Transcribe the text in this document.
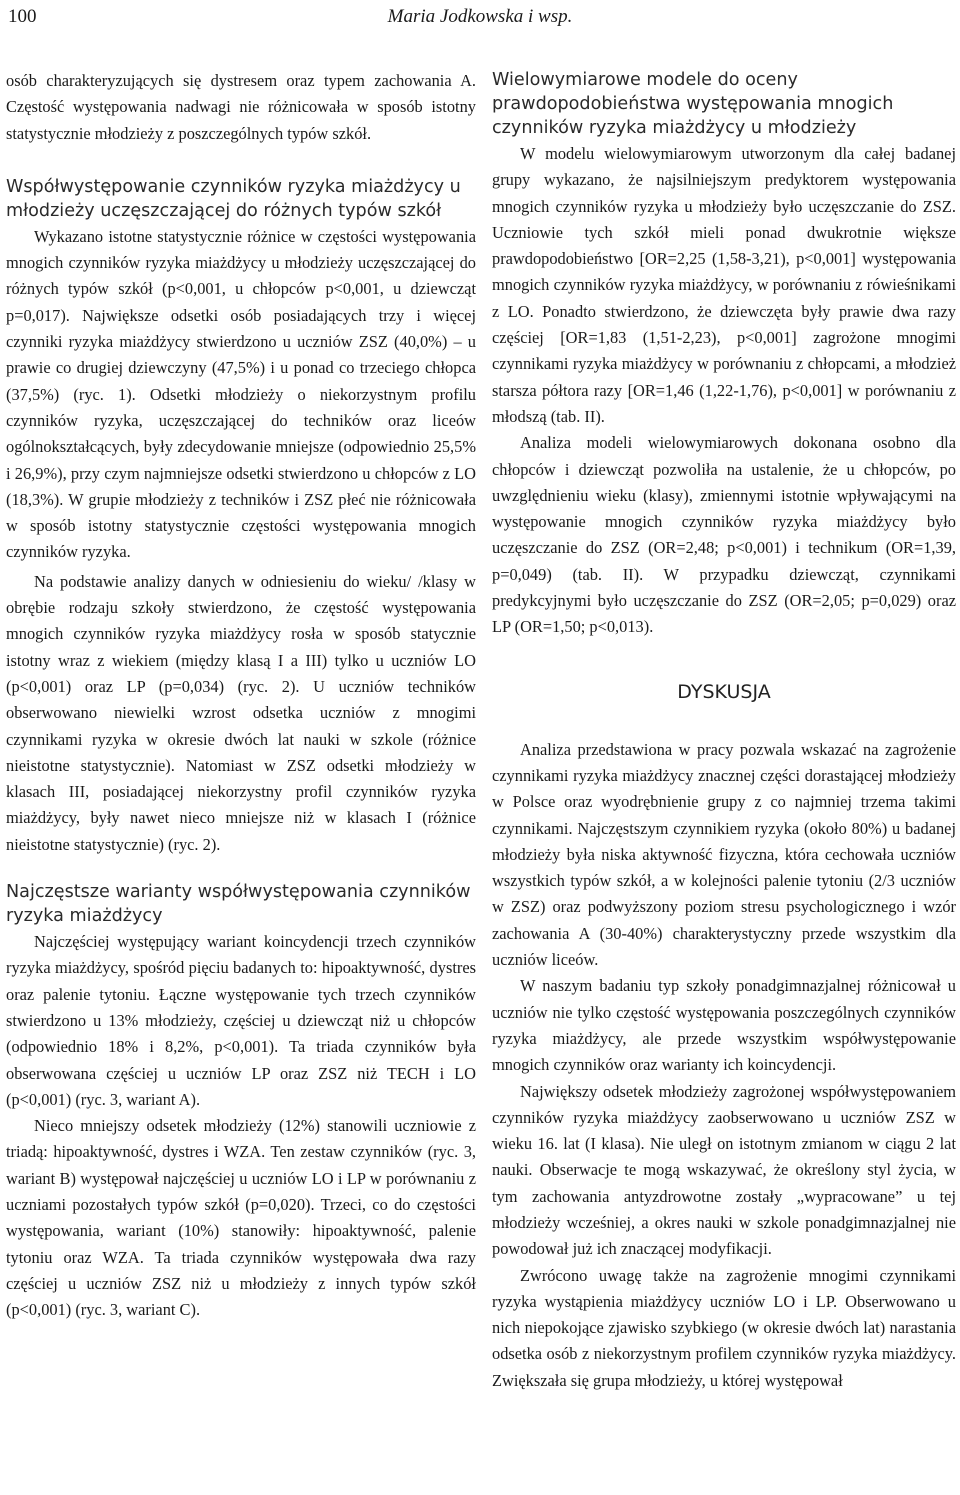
100	Maria Jodkowska i wsp.

osób charakteryzujących się dystresem oraz typem zachowania A. Częstość występowania nadwagi nie różnicowała w sposób istotny statystycznie młodzieży z poszczególnych typów szkół.

Współwystępowanie czynników ryzyka miażdżycy u młodzieży uczęszczającej do różnych typów szkół

Wykazano istotne statystycznie różnice w częstości występowania mnogich czynników ryzyka miażdżycy u młodzieży uczęszczającej do różnych typów szkół (p<0,001, u chłopców p<0,001, u dziewcząt p=0,017). Największe odsetki osób posiadających trzy i więcej czynniki ryzyka miażdżycy stwierdzono u uczniów ZSZ (40,0%) – u prawie co drugiej dziewczyny (47,5%) i u ponad co trzeciego chłopca (37,5%) (ryc. 1). Odsetki młodzieży o niekorzystnym profilu czynników ryzyka, uczęszczającej do techników oraz liceów ogólnokształcących, były zdecydowanie mniejsze (odpowiednio 25,5% i 26,9%), przy czym najmniejsze odsetki stwierdzono u chłopców z LO (18,3%). W grupie młodzieży z techników i ZSZ płeć nie różnicowała w sposób istotny statystycznie częstości występowania mnogich czynników ryzyka.

Na podstawie analizy danych w odniesieniu do wieku/ /klasy w obrębie rodzaju szkoły stwierdzono, że częstość występowania mnogich czynników ryzyka miażdżycy rosła w sposób statycznie istotny wraz z wiekiem (między klasą I a III) tylko u uczniów LO (p<0,001) oraz LP (p=0,034) (ryc. 2). U uczniów techników obserwowano niewielki wzrost odsetka uczniów z mnogimi czynnikami ryzyka w okresie dwóch lat nauki w szkole (różnice nieistotne statystycznie). Natomiast w ZSZ odsetki młodzieży w klasach III, posiadającej niekorzystny profil czynników ryzyka miażdżycy, były nawet nieco mniejsze niż w klasach I (różnice nieistotne statystycznie) (ryc. 2).

Najczęstsze warianty współwystępowania czynników ryzyka miażdżycy

Najczęściej występujący wariant koincydencji trzech czynników ryzyka miażdżycy, spośród pięciu badanych to: hipoaktywność, dystres oraz palenie tytoniu. Łączne występowanie tych trzech czynników stwierdzono u 13% młodzieży, częściej u dziewcząt niż u chłopców (odpowiednio 18% i 8,2%, p<0,001). Ta triada czynników była obserwowana częściej u uczniów LP oraz ZSZ niż TECH i LO (p<0,001) (ryc. 3, wariant A).

Nieco mniejszy odsetek młodzieży (12%) stanowili uczniowie z triadą: hipoaktywność, dystres i WZA. Ten zestaw czynników (ryc. 3, wariant B) występował najczęściej u uczniów LO i LP w porównaniu z uczniami pozostałych typów szkół (p=0,020). Trzeci, co do częstości występowania, wariant (10%) stanowiły: hipoaktywność, palenie tytoniu oraz WZA. Ta triada czynników występowała dwa razy częściej u uczniów ZSZ niż u młodzieży z innych typów szkół (p<0,001) (ryc. 3, wariant C).

Wielowymiarowe modele do oceny prawdopodobieństwa występowania mnogich czynników ryzyka miażdżycy u młodzieży

W modelu wielowymiarowym utworzonym dla całej badanej grupy wykazano, że najsilniejszym predyktorem występowania mnogich czynników ryzyka u młodzieży było uczęszczanie do ZSZ. Uczniowie tych szkół mieli ponad dwukrotnie większe prawdopodobieństwo [OR=2,25 (1,58-3,21), p<0,001] występowania mnogich czynników ryzyka miażdżycy, w porównaniu z rówieśnikami z LO. Ponadto stwierdzono, że dziewczęta były prawie dwa razy częściej [OR=1,83 (1,51-2,23), p<0,001] zagrożone mnogimi czynnikami ryzyka miażdżycy w porównaniu z chłopcami, a młodzież starsza półtora razy [OR=1,46 (1,22-1,76), p<0,001] w porównaniu z młodszą (tab. II).

Analiza modeli wielowymiarowych dokonana osobno dla chłopców i dziewcząt pozwoliła na ustalenie, że u chłopców, po uwzględnieniu wieku (klasy), zmiennymi istotnie wpływającymi na występowanie mnogich czynników ryzyka miażdżycy było uczęszczanie do ZSZ (OR=2,48; p<0,001) i technikum (OR=1,39, p=0,049) (tab. II). W przypadku dziewcząt, czynnikami predykcyjnymi było uczęszczanie do ZSZ (OR=2,05; p=0,029) oraz LP (OR=1,50; p<0,013).

DYSKUSJA

Analiza przedstawiona w pracy pozwala wskazać na zagrożenie czynnikami ryzyka miażdżycy znacznej części dorastającej młodzieży w Polsce oraz wyodrębnienie grupy z co najmniej trzema takimi czynnikami. Najczęstszym czynnikiem ryzyka (około 80%) u badanej młodzieży była niska aktywność fizyczna, która cechowała uczniów wszystkich typów szkół, a w kolejności palenie tytoniu (2/3 uczniów w ZSZ) oraz podwyższony poziom stresu psychologicznego i wzór zachowania A (30-40%) charakterystyczny przede wszystkim dla uczniów liceów.

W naszym badaniu typ szkoły ponadgimnazjalnej różnicował u uczniów nie tylko częstość występowania poszczególnych czynników ryzyka miażdżycy, ale przede wszystkim współwystępowanie mnogich czynników oraz warianty ich koincydencji.

Największy odsetek młodzieży zagrożonej współwystępowaniem czynników ryzyka miażdżycy zaobserwowano u uczniów ZSZ w wieku 16. lat (I klasa). Nie uległ on istotnym zmianom w ciągu 2 lat nauki. Obserwacje te mogą wskazywać, że określony styl życia, w tym zachowania antyzdrowotne zostały „wypracowane” u tej młodzieży wcześniej, a okres nauki w szkole ponadgimnazjalnej nie powodował już ich znaczącej modyfikacji.

Zwrócono uwagę także na zagrożenie mnogimi czynnikami ryzyka wystąpienia miażdżycy uczniów LO i LP. Obserwowano u nich niepokojące zjawisko szybkiego (w okresie dwóch lat) narastania odsetka osób z niekorzystnym profilem czynników ryzyka miażdżycy. Zwiększała się grupa młodzieży, u której występował
